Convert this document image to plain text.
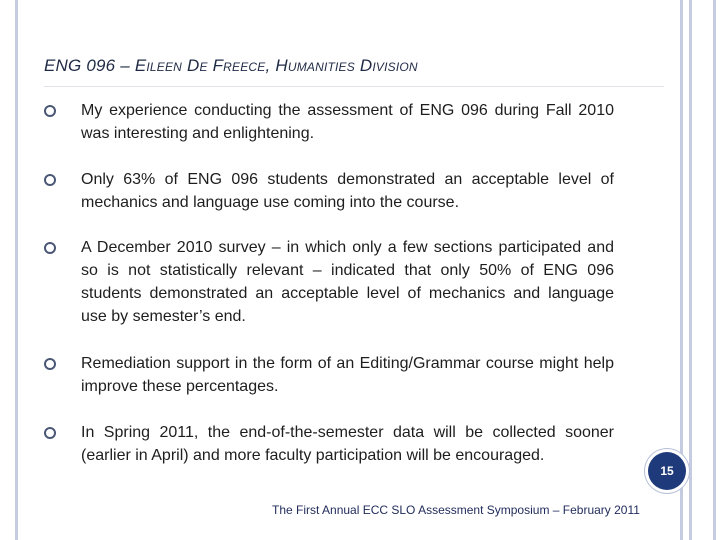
ENG 096 – Eileen De Freece, Humanities Division
My experience conducting the assessment of ENG 096 during Fall 2010 was interesting and enlightening.
Only 63% of ENG 096 students demonstrated an acceptable level of mechanics and language use coming into the course.
A December 2010 survey – in which only a few sections participated and so is not statistically relevant – indicated that only 50% of ENG 096 students demonstrated an acceptable level of mechanics and language use by semester’s end.
Remediation support in the form of an Editing/Grammar course might help improve these percentages.
In Spring 2011, the end-of-the-semester data will be collected sooner (earlier in April) and more faculty participation will be encouraged.
15
The First Annual ECC SLO Assessment Symposium – February 2011
